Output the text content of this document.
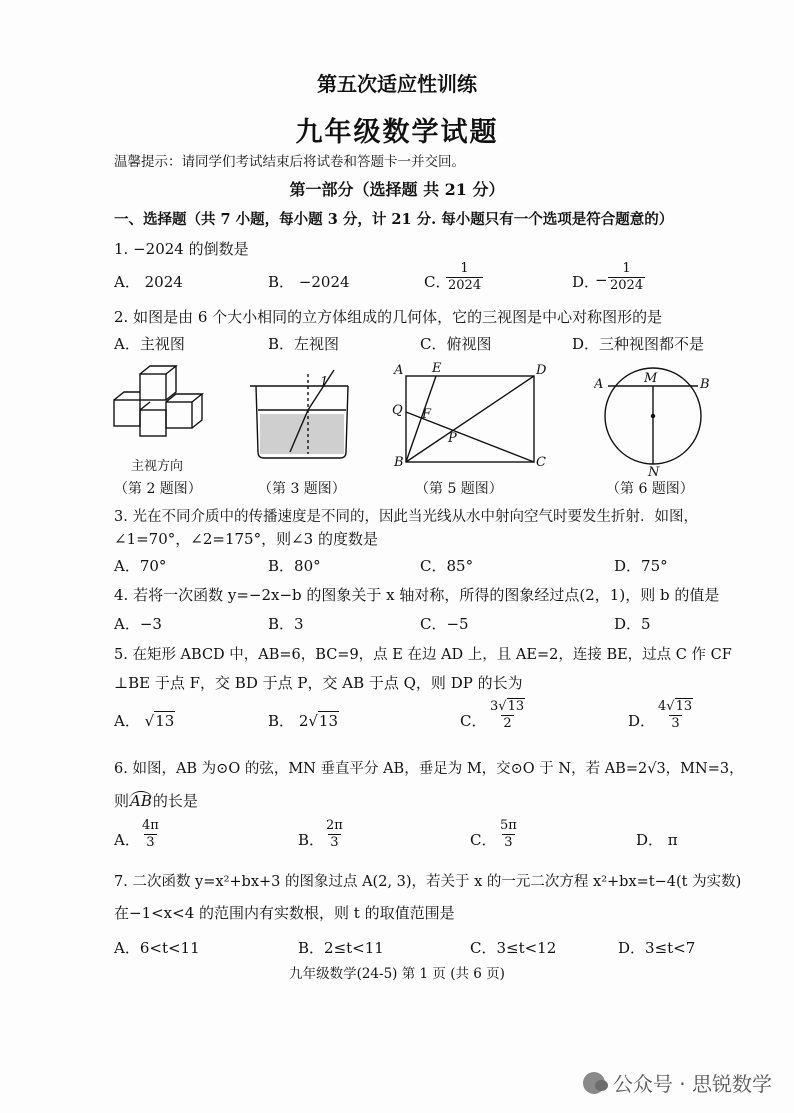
第五次适应性训练
九年级数学试题
温馨提示：请同学们考试结束后将试卷和答题卡一并交回。
第一部分（选择题 共 21 分）
一、选择题（共 7 小题，每小题 3 分，计 21 分. 每小题只有一个选项是符合题意的）
1. −2024 的倒数是
A． 2024	B． −2024	C．
$\frac{1}{2024}$	D．
− $\frac{1}{2024}$
2. 如图是由 6 个大小相同的立方体组成的几何体，它的三视图是中心对称图形的是
A．主视图	B．左视图	C．俯视图	D．三种视图都不是
主视方向
（第 2 题图）
1
（第 3 题图）
A E	D
Q F
P
B	C
（第 5 题图）
A	M	B
N
（第 6 题图）
3. 光在不同介质中的传播速度是不同的，因此当光线从水中射向空气时要发生折射．如图，
∠1=70°，∠2=175°，则∠3 的度数是
A．70°	B．80°	C．85°	D．75°
4. 若将一次函数 y=−2x−b 的图象关于 x 轴对称，所得的图象经过点(2，1)，则 b 的值是
A．−3	B．3	C．−5	D．5
5. 在矩形 ABCD 中，AB=6，BC=9，点 E 在边 AD 上，且 AE=2，连接 BE，过点 C 作 CF
⊥BE 于点 F，交 BD 于点 P，交 AB 于点 Q，则 DP 的长为
A． √13	B． 2√13	C． $\frac{3√13}{2}$	D． $\frac{4√13}{3}$
6. 如图，AB 为⊙O 的弦，MN 垂直平分 AB，垂足为 M，交⊙O 于 N，若 AB=2√3，MN=3，
则AB的长是
A． $\frac{4\pi}{3}$	B． $\frac{2\pi}{3}$	C． $\frac{5\pi}{3}$	D． π
7. 二次函数 y=x²+bx+3 的图象过点 A(2, 3)，若关于 x 的一元二次方程 x²+bx=t−4(t 为实数)
在−1<x<4 的范围内有实数根，则 t 的取值范围是
A．6<t<11	B．2≤t<11	C．3≤t<12	D．3≤t<7
九年级数学(24-5) 第 1 页 (共 6 页)
公众号 · 思锐数学
